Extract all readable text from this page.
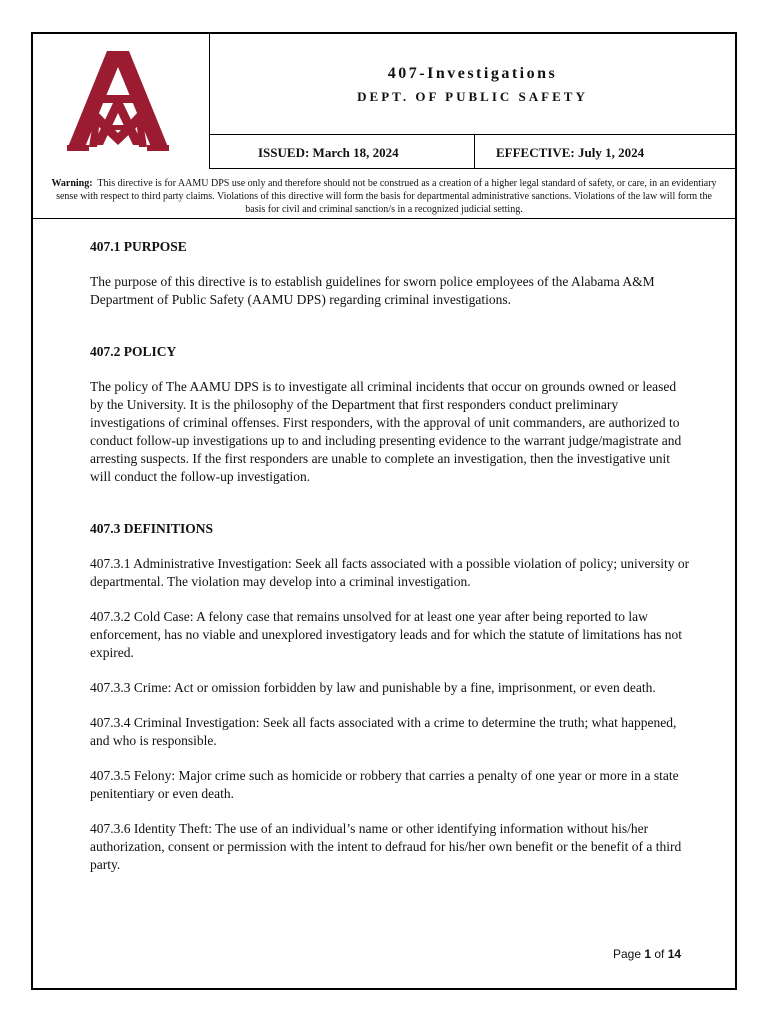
407-Investigations
DEPT. OF PUBLIC SAFETY
ISSUED: March 18, 2024	EFFECTIVE: July 1, 2024
Warning: This directive is for AAMU DPS use only and therefore should not be construed as a creation of a higher legal standard of safety, or care, in an evidentiary sense with respect to third party claims. Violations of this directive will form the basis for departmental administrative sanctions. Violations of the law will form the basis for civil and criminal sanction/s in a recognized judicial setting.
407.1 PURPOSE

The purpose of this directive is to establish guidelines for sworn police employees of the Alabama A&M Department of Public Safety (AAMU DPS) regarding criminal investigations.

407.2 POLICY

The policy of The AAMU DPS is to investigate all criminal incidents that occur on grounds owned or leased by the University. It is the philosophy of the Department that first responders conduct preliminary investigations of criminal offenses. First responders, with the approval of unit commanders, are authorized to conduct follow-up investigations up to and including presenting evidence to the warrant judge/magistrate and arresting suspects. If the first responders are unable to complete an investigation, then the investigative unit will conduct the follow-up investigation.

407.3 DEFINITIONS

407.3.1 Administrative Investigation: Seek all facts associated with a possible violation of policy; university or departmental. The violation may develop into a criminal investigation.

407.3.2 Cold Case: A felony case that remains unsolved for at least one year after being reported to law enforcement, has no viable and unexplored investigatory leads and for which the statute of limitations has not expired.

407.3.3 Crime: Act or omission forbidden by law and punishable by a fine, imprisonment, or even death.

407.3.4 Criminal Investigation: Seek all facts associated with a crime to determine the truth; what happened, and who is responsible.

407.3.5 Felony: Major crime such as homicide or robbery that carries a penalty of one year or more in a state penitentiary or even death.

407.3.6 Identity Theft: The use of an individual’s name or other identifying information without his/her authorization, consent or permission with the intent to defraud for his/her own benefit or the benefit of a third party.

Page 1 of 14
